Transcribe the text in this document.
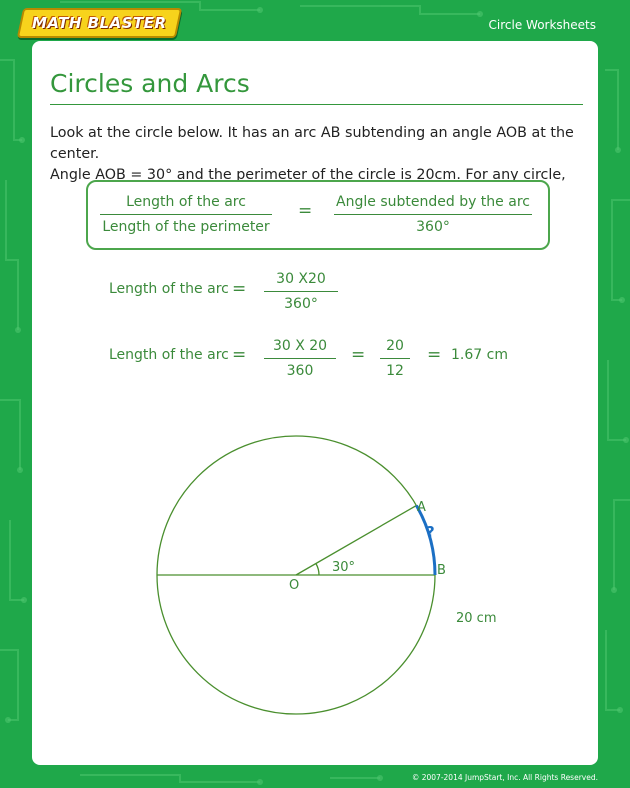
MATH BLASTER	Circle Worksheets
Circles and Arcs
Look at the circle below. It has an arc AB subtending an angle AOB at the center.
Angle AOB = 30° and the perimeter of the circle is 20cm. For any circle,
Length of the arc
Length of the perimeter
= Angle subtended by the arc
360°
Length of the arc =	30 X20
360°
Length of the arc =	30 X 20
360
=	20
12
= 1.67 cm
A
B
O
30°
?
20 cm
© 2007-2014 JumpStart, Inc. All Rights Reserved.
